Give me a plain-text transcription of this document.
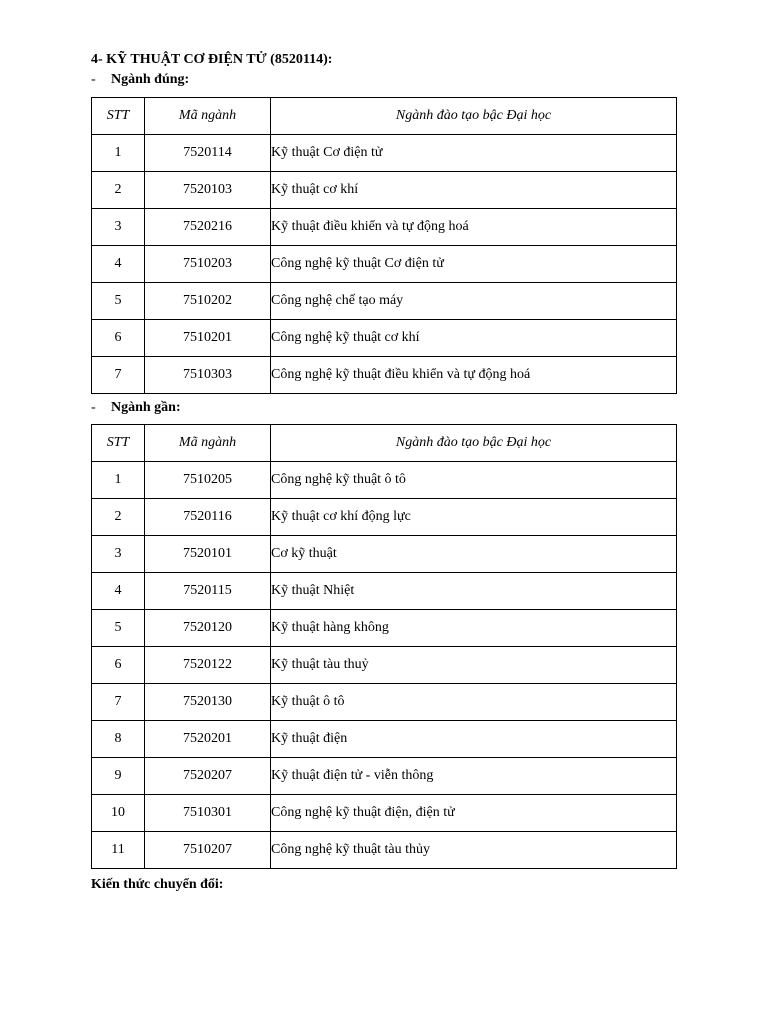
4- KỸ THUẬT CƠ ĐIỆN TỬ (8520114):
- Ngành đúng:
STT	Mã ngành	Ngành đào tạo bậc Đại học
1	7520114	Kỹ thuật Cơ điện tử
2	7520103	Kỹ thuật cơ khí
3	7520216	Kỹ thuật điều khiển và tự động hoá
4	7510203	Công nghệ kỹ thuật Cơ điện tử
5	7510202	Công nghệ chế tạo máy
6	7510201	Công nghệ kỹ thuật cơ khí
7	7510303	Công nghệ kỹ thuật điều khiển và tự động hoá
- Ngành gần:
STT	Mã ngành	Ngành đào tạo bậc Đại học
1	7510205	Công nghệ kỹ thuật ô tô
2	7520116	Kỹ thuật cơ khí động lực
3	7520101	Cơ kỹ thuật
4	7520115	Kỹ thuật Nhiệt
5	7520120	Kỹ thuật hàng không
6	7520122	Kỹ thuật tàu thuỷ
7	7520130	Kỹ thuật ô tô
8	7520201	Kỹ thuật điện
9	7520207	Kỹ thuật điện tử - viễn thông
10	7510301	Công nghệ kỹ thuật điện, điện tử
11	7510207	Công nghệ kỹ thuật tàu thủy
Kiến thức chuyển đổi:
